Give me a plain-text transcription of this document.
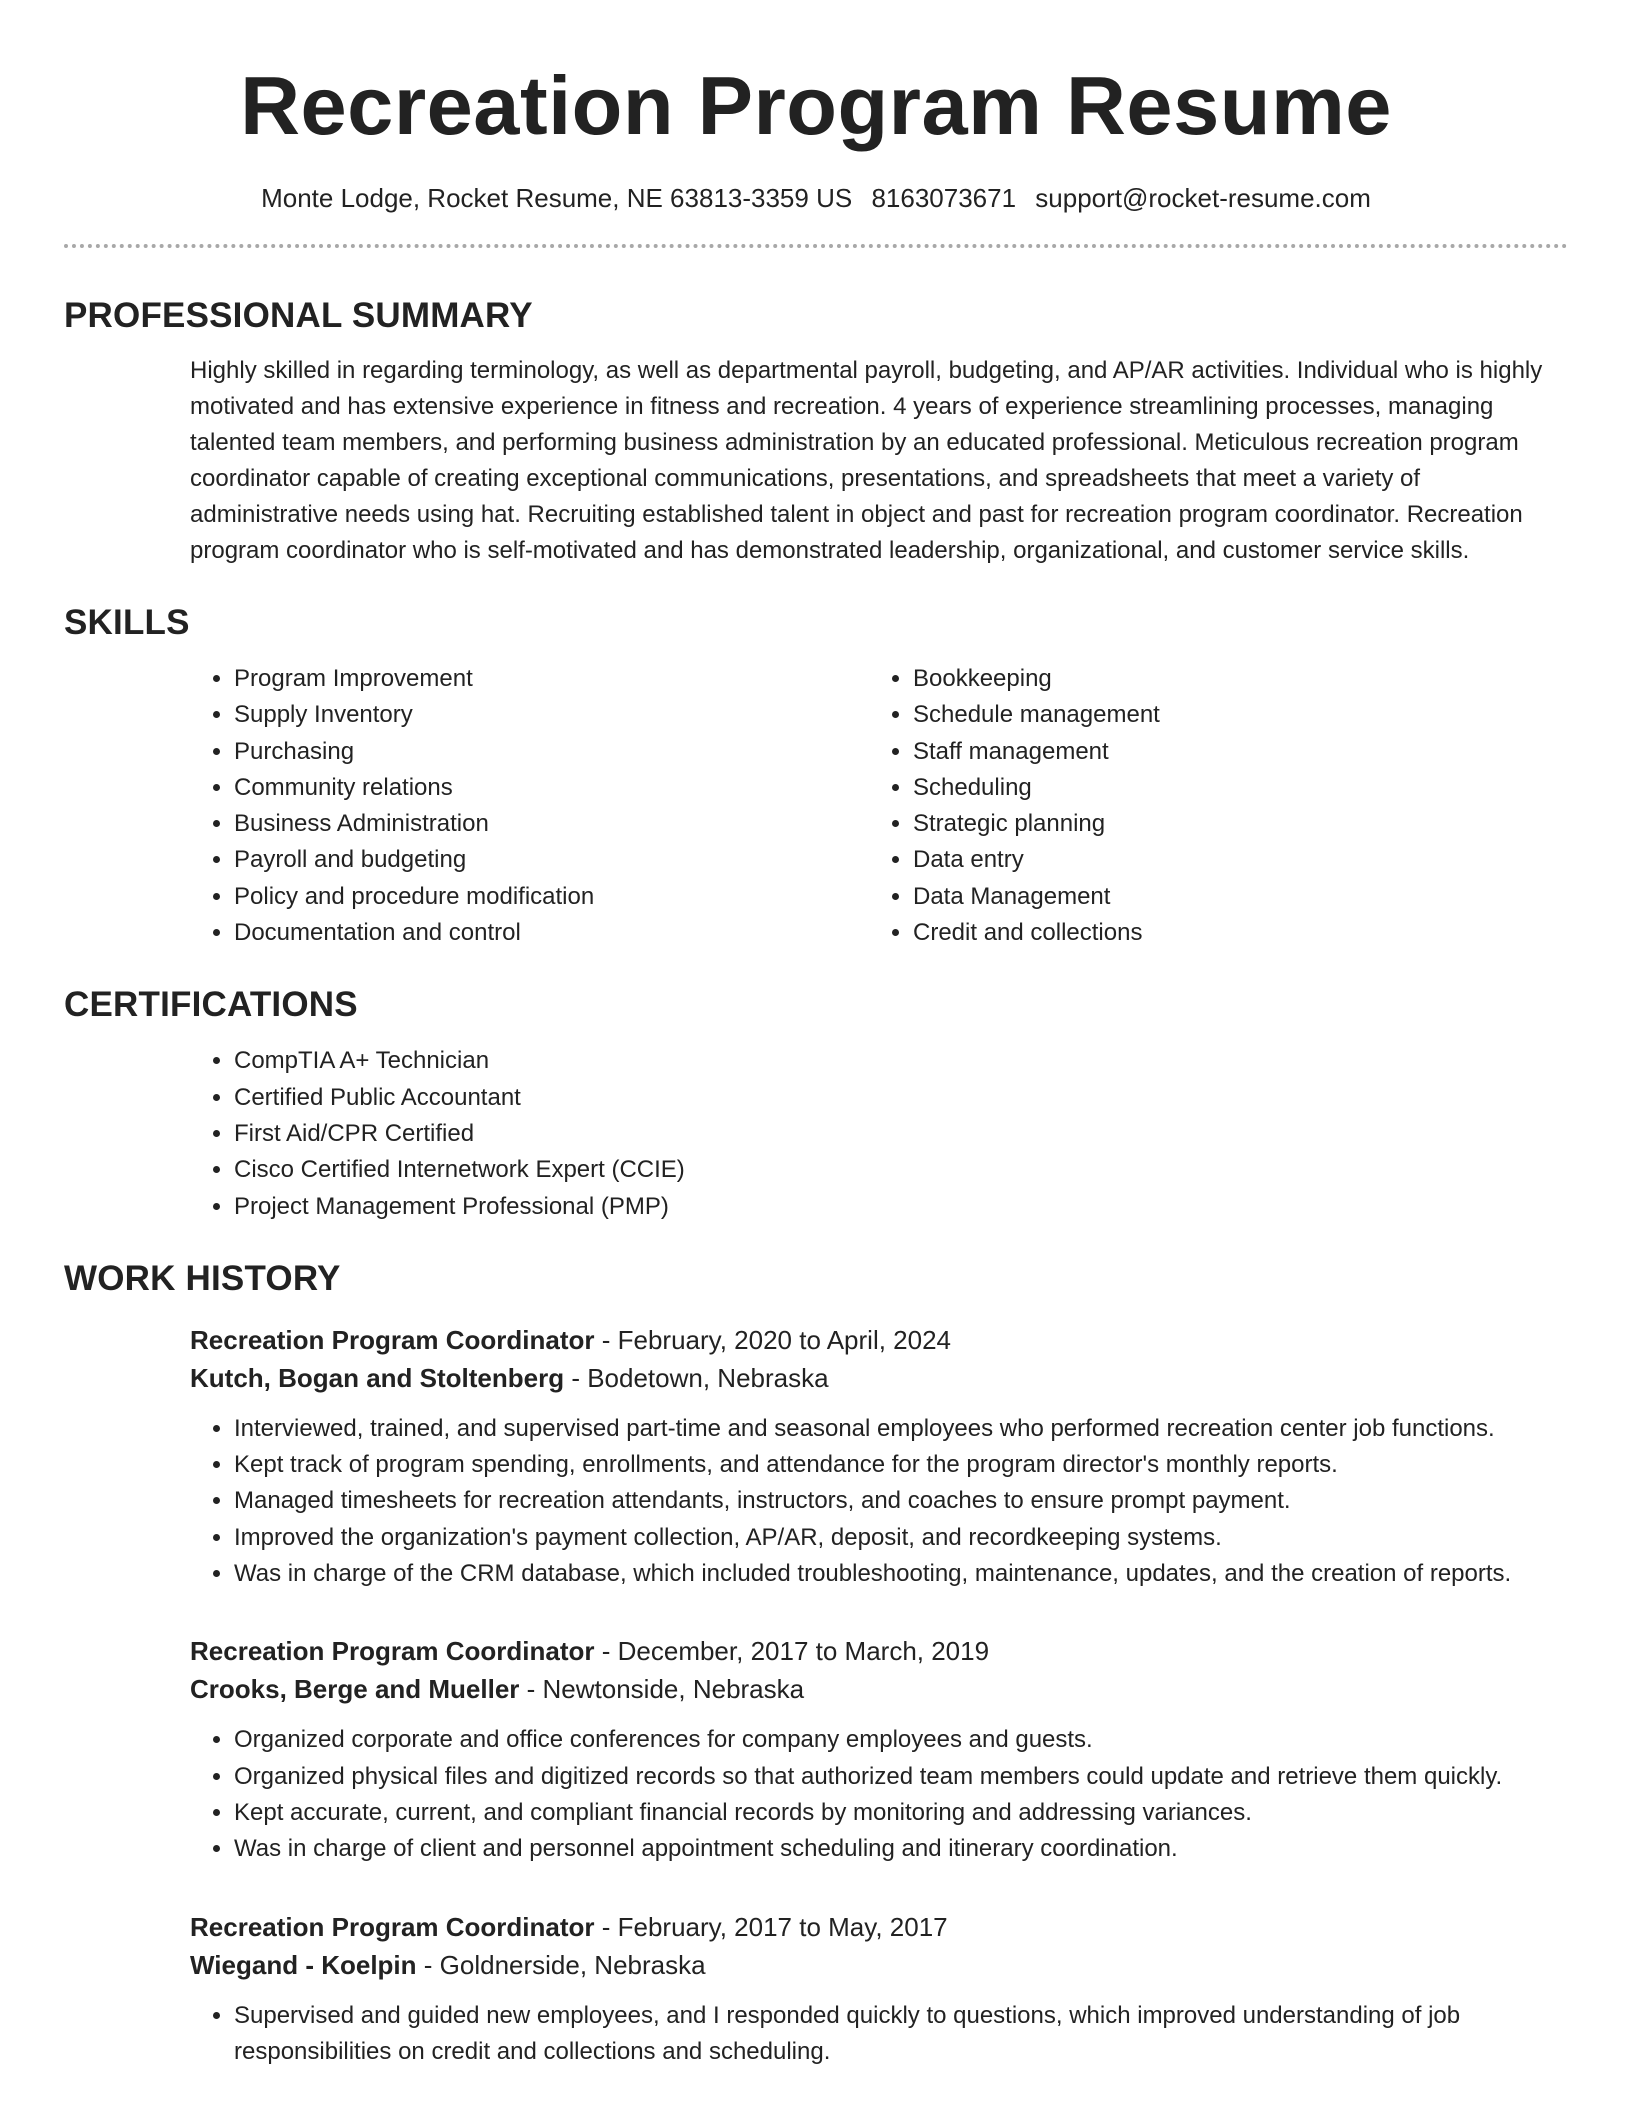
Recreation Program Resume
Monte Lodge, Rocket Resume, NE 63813-3359 US 8163073671 support@rocket-resume.com
PROFESSIONAL SUMMARY

Highly skilled in regarding terminology, as well as departmental payroll, budgeting, and AP/AR activities. Individual who is highly motivated and has extensive experience in fitness and recreation. 4 years of experience streamlining processes, managing talented team members, and performing business administration by an educated professional. Meticulous recreation program coordinator capable of creating exceptional communications, presentations, and spreadsheets that meet a variety of administrative needs using hat. Recruiting established talent in object and past for recreation program coordinator. Recreation program coordinator who is self-motivated and has demonstrated leadership, organizational, and customer service skills.

SKILLS
• Program Improvement
• Supply Inventory
• Purchasing
• Community relations
• Business Administration
• Payroll and budgeting
• Policy and procedure modification
• Documentation and control
• Bookkeeping
• Schedule management
• Staff management
• Scheduling
• Strategic planning
• Data entry
• Data Management
• Credit and collections
CERTIFICATIONS
• CompTIA A+ Technician
• Certified Public Accountant
• First Aid/CPR Certified
• Cisco Certified Internetwork Expert (CCIE)
• Project Management Professional (PMP)
WORK HISTORY
Recreation Program Coordinator - February, 2020 to April, 2024
Kutch, Bogan and Stoltenberg - Bodetown, Nebraska
• Interviewed, trained, and supervised part-time and seasonal employees who performed recreation center job functions.
• Kept track of program spending, enrollments, and attendance for the program director's monthly reports.
• Managed timesheets for recreation attendants, instructors, and coaches to ensure prompt payment.
• Improved the organization's payment collection, AP/AR, deposit, and recordkeeping systems.
• Was in charge of the CRM database, which included troubleshooting, maintenance, updates, and the creation of reports.
Recreation Program Coordinator - December, 2017 to March, 2019
Crooks, Berge and Mueller - Newtonside, Nebraska
• Organized corporate and office conferences for company employees and guests.
• Organized physical files and digitized records so that authorized team members could update and retrieve them quickly.
• Kept accurate, current, and compliant financial records by monitoring and addressing variances.
• Was in charge of client and personnel appointment scheduling and itinerary coordination.
Recreation Program Coordinator - February, 2017 to May, 2017
Wiegand - Koelpin - Goldnerside, Nebraska
• Supervised and guided new employees, and I responded quickly to questions, which improved understanding of job responsibilities on credit and collections and scheduling.
